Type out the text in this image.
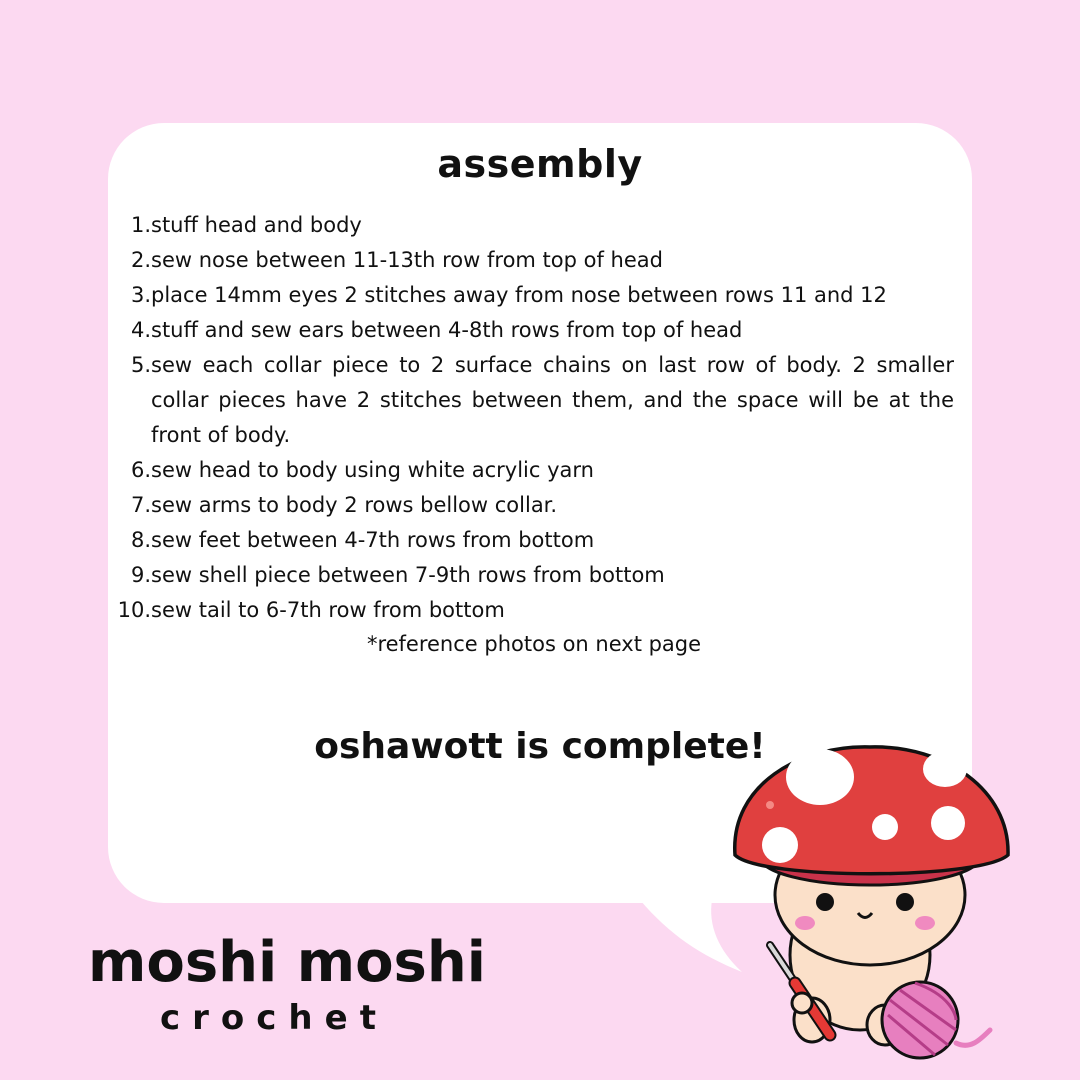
assembly
1. stuff head and body
2. sew nose between 11-13th row from top of head
3. place 14mm eyes 2 stitches away from nose between rows 11 and 12
4. stuff and sew ears between 4-8th rows from top of head
5. sew each collar piece to 2 surface chains on last row of body. 2 smaller collar pieces have 2 stitches between them, and the space will be at the front of body.
6. sew head to body using white acrylic yarn
7. sew arms to body 2 rows bellow collar.
8. sew feet between 4-7th rows from bottom
9. sew shell piece between 7-9th rows from bottom
10. sew tail to 6-7th row from bottom
*reference photos on next page
oshawott is complete!
moshi moshi
crochet
